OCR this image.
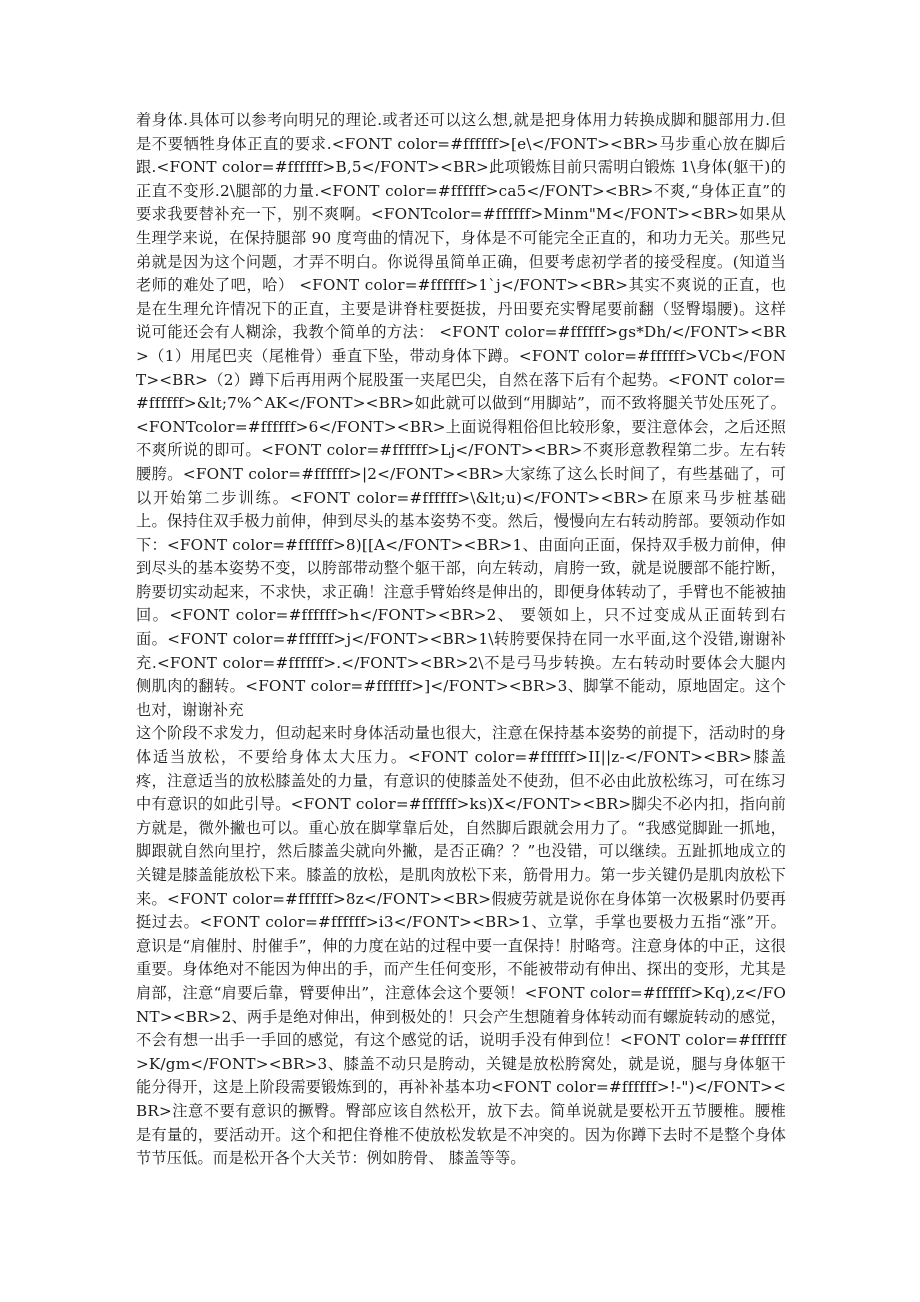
着身体.具体可以参考向明兄的理论.或者还可以这么想,就是把身体用力转换成脚和腿部用力.但是不要牺牲身体正直的要求.<FONT color=#ffffff>[e\</FONT><BR>马步重心放在脚后跟.<FONT color=#ffffff>B,5</FONT><BR>此项锻炼目前只需明白锻炼 1\身体(躯干)的正直不变形.2\腿部的力量.<FONT color=#ffffff>ca5</FONT><BR>不爽,“身体正直”的要求我要替补充一下，别不爽啊。<FONTcolor=#ffffff>Minm"M</FONT><BR>如果从生理学来说，在保持腿部 90 度弯曲的情况下，身体是不可能完全正直的，和功力无关。那些兄弟就是因为这个问题，才弄不明白。你说得虽简单正确，但要考虑初学者的接受程度。(知道当老师的难处了吧，哈） <FONT color=#ffffff>1`j</FONT><BR>其实不爽说的正直，也是在生理允许情况下的正直，主要是讲脊柱要挺拔，丹田要充实臀尾要前翻（竖臀塌腰)。这样说可能还会有人糊涂，我教个简单的方法： <FONT color=#ffffff>gs*Dh/</FONT><BR>（1）用尾巴夹（尾椎骨）垂直下坠，带动身体下蹲。<FONT color=#ffffff>VCb</FONT><BR>（2）蹲下后再用两个屁股蛋一夹尾巴尖，自然在落下后有个起势。<FONT color=#ffffff>&lt;7%^AK</FONT><BR>如此就可以做到“用脚站”，而不致将腿关节处压死了。<FONTcolor=#ffffff>6</FONT><BR>上面说得粗俗但比较形象，要注意体会，之后还照不爽所说的即可。<FONT color=#ffffff>Lj</FONT><BR>不爽形意教程第二步。左右转腰胯。<FONT color=#ffffff>|2</FONT><BR>大家练了这么长时间了，有些基础了，可以开始第二步训练。<FONT color=#ffffff>\&lt;u)</FONT><BR>在原来马步桩基础上。保持住双手极力前伸，伸到尽头的基本姿势不变。然后，慢慢向左右转动胯部。要领动作如下：<FONT color=#ffffff>8)[[A</FONT><BR>1、由面向正面，保持双手极力前伸，伸到尽头的基本姿势不变，以胯部带动整个躯干部，向左转动，肩胯一致，就是说腰部不能拧断，胯要切实动起来，不求快，求正确！注意手臂始终是伸出的，即便身体转动了，手臂也不能被抽回。<FONT color=#ffffff>h</FONT><BR>2、 要领如上，只不过变成从正面转到右面。<FONT color=#ffffff>j</FONT><BR>1\转胯要保持在同一水平面,这个没错,谢谢补充.<FONT color=#ffffff>.</FONT><BR>2\不是弓马步转换。左右转动时要体会大腿内侧肌肉的翻转。<FONT color=#ffffff>]</FONT><BR>3、脚掌不能动，原地固定。这个也对，谢谢补充

这个阶段不求发力，但动起来时身体活动量也很大，注意在保持基本姿势的前提下，活动时的身体适当放松，不要给身体太大压力。<FONT color=#ffffff>II||z-</FONT><BR>膝盖疼，注意适当的放松膝盖处的力量，有意识的使膝盖处不使劲，但不必由此放松练习，可在练习中有意识的如此引导。<FONT color=#ffffff>ks)X</FONT><BR>脚尖不必内扣，指向前方就是，微外撇也可以。重心放在脚掌靠后处，自然脚后跟就会用力了。“我感觉脚趾一抓地，脚跟就自然向里拧，然后膝盖尖就向外撇，是否正确？？”也没错，可以继续。五趾抓地成立的关键是膝盖能放松下来。膝盖的放松，是肌肉放松下来，筋骨用力。第一步关键仍是肌肉放松下来。<FONT color=#ffffff>8z</FONT><BR>假疲劳就是说你在身体第一次极累时仍要再挺过去。<FONT color=#ffffff>i3</FONT><BR>1、立掌，手掌也要极力五指“涨”开。意识是“肩催肘、肘催手”，伸的力度在站的过程中要一直保持！肘略弯。注意身体的中正，这很重要。身体绝对不能因为伸出的手，而产生任何变形，不能被带动有伸出、探出的变形，尤其是肩部，注意“肩要后靠，臂要伸出”，注意体会这个要领！<FONT color=#ffffff>Kq),z</FONT><BR>2、两手是绝对伸出，伸到极处的！只会产生想随着身体转动而有螺旋转动的感觉，不会有想一出手一手回的感觉，有这个感觉的话，说明手没有伸到位！<FONT color=#ffffff>K/gm</FONT><BR>3、膝盖不动只是胯动，关键是放松胯窝处，就是说，腿与身体躯干能分得开，这是上阶段需要锻炼到的，再补补基本功<FONT color=#ffffff>!-")</FONT><BR>注意不要有意识的撅臀。臀部应该自然松开，放下去。简单说就是要松开五节腰椎。腰椎是有量的，要活动开。这个和把住脊椎不使放松发软是不冲突的。因为你蹲下去时不是整个身体节节压低。而是松开各个大关节：例如胯骨、 膝盖等等。
